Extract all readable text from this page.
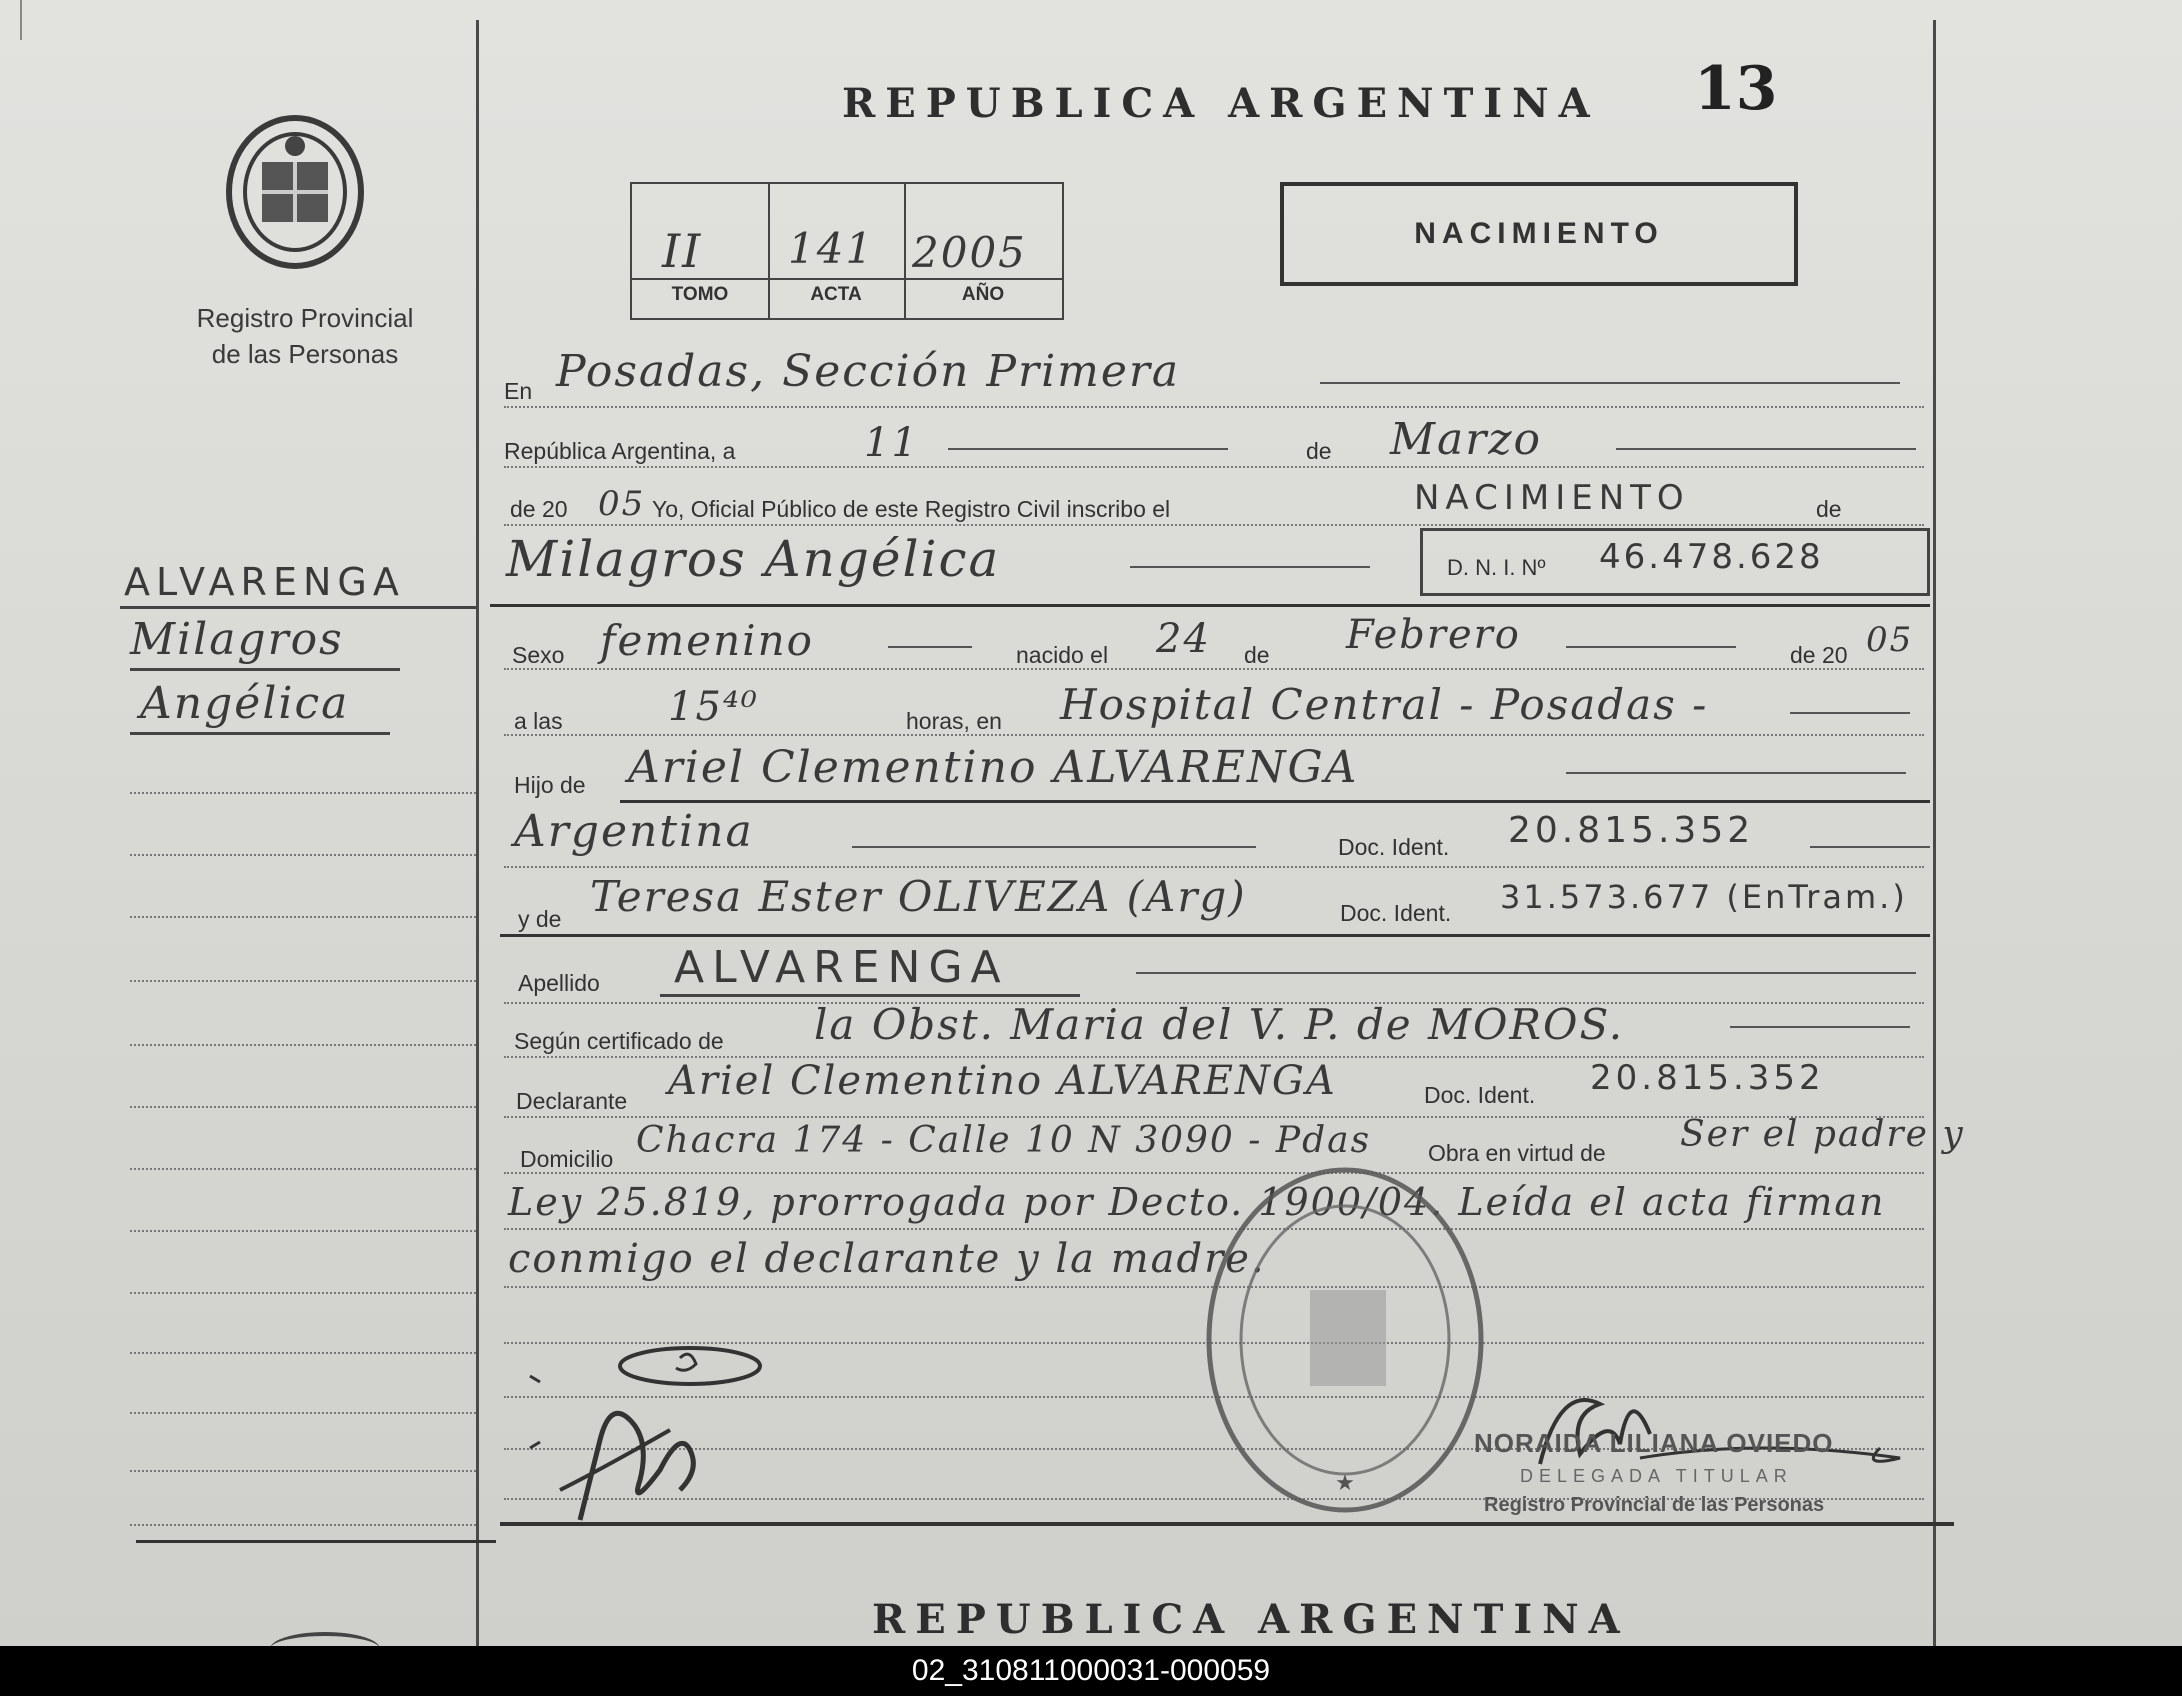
Registro Provincial
de las Personas
REPUBLICA ARGENTINA 13
II 141 2005
TOMO	ACTA	AÑO
NACIMIENTO
ALVARENGA
Milagros
Angélica
En Posadas, Sección Primera
República Argentina, a	11	de Marzo
de 20 05 Yo, Oficial Público de este Registro Civil inscribo el	NACIMIENTO	de
Milagros Angélica	D. N. I. Nº 46.478.628
Sexo femenino	nacido el 24 de Febrero	de 20 05
a las	15⁴⁰	horas, en Hospital Central - Posadas -
Hijo de Ariel Clementino ALVARENGA
Argentina	Doc. Ident. 20.815.352
y de Teresa Ester OLIVEZA (Arg)	Doc. Ident. 31.573.677 (EnTram.)
Apellido ALVARENGA
Según certificado de la Obst. Maria del V. P. de MOROS.
Declarante Ariel Clementino ALVARENGA	Doc. Ident. 20.815.352
Domicilio Chacra 174 - Calle 10 N 3090 - Pdas Obra en virtud de Ser el padre y
Ley 25.819, prorrogada por Decto. 1900/04. Leída el acta firman
conmigo el declarante y la madre.
★
NORAIDA LILIANA OVIEDO
DELEGADA TITULAR
Registro Provincial de las Personas
REPUBLICA ARGENTINA
02_310811000031-000059
